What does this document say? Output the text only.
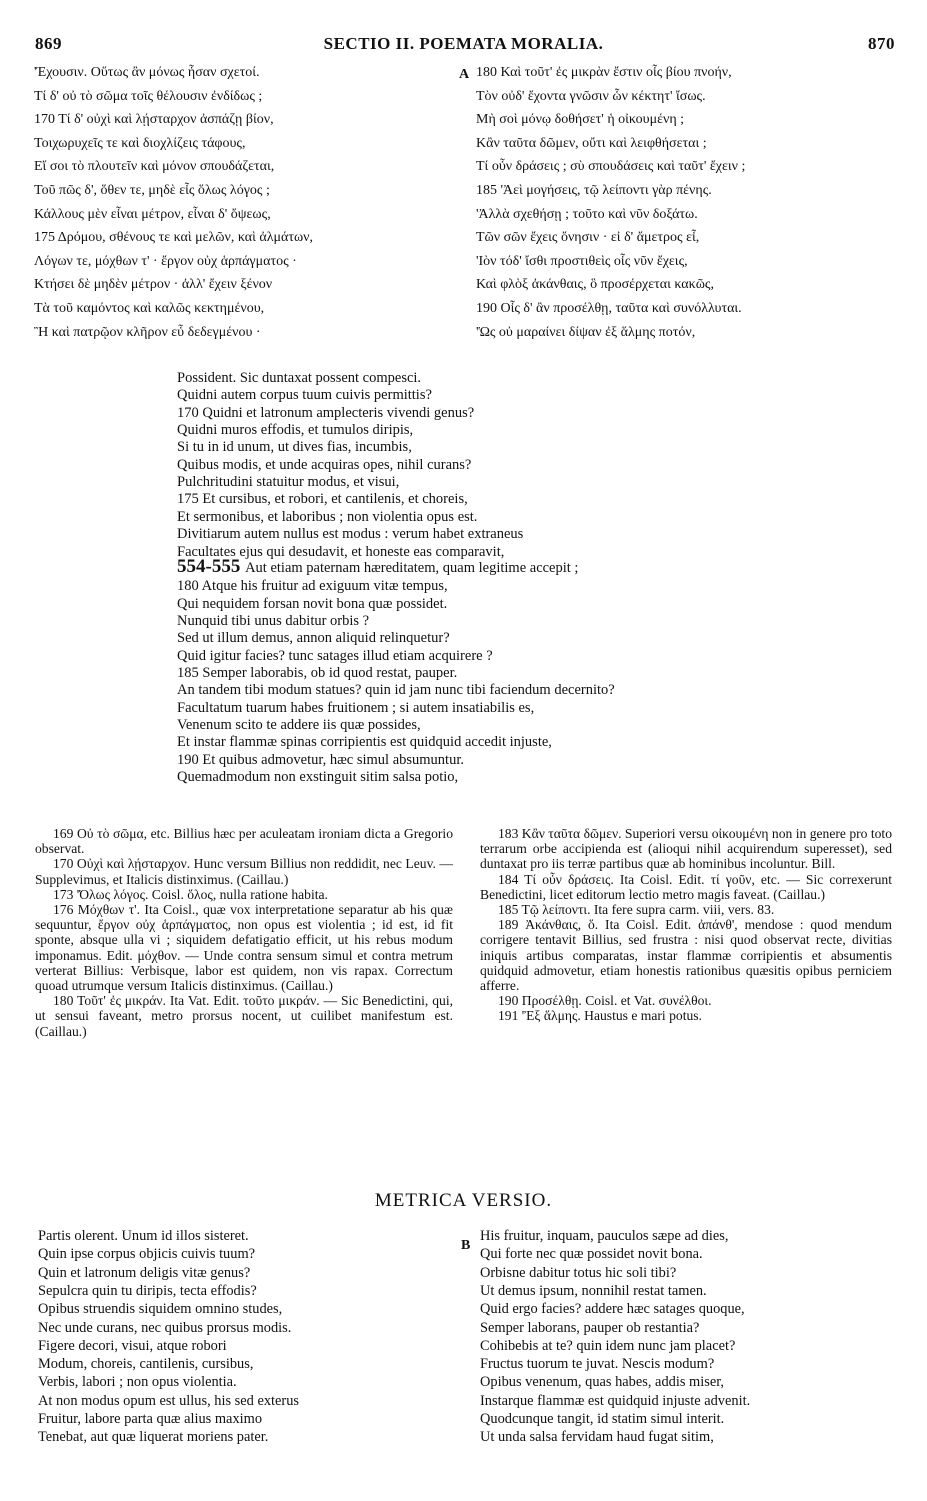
869	SECTIO II. POEMATA MORALIA.	870
'Έχουσιν. Οὕτως ἂν μόνως ἦσαν σχετοί.
Τί δ' οὐ τὸ σῶμα τοῖς θέλουσιν ἐνδίδως ;
170 Τί δ' οὐχὶ καὶ λῄσταρχον ἀσπάζῃ βίον,
Τοιχωρυχεῖς τε καὶ διοχλίζεις τάφους,
Εἴ σοι τὸ πλουτεῖν καὶ μόνον σπουδάζεται,
Τοῦ πῶς δ', ὅθεν τε, μηδὲ εἷς ὅλως λόγος ;
Κάλλους μὲν εἶναι μέτρον, εἶναι δ' ὄψεως,
175 Δρόμου, σθένους τε καὶ μελῶν, καὶ ἀλμάτων,
Λόγων τε, μόχθων τ' · ἔργον οὐχ ἁρπάγματος ·
Κτήσει δὲ μηδὲν μέτρον · ἀλλ' ἔχειν ξένον
Τὰ τοῦ καμόντος καὶ καλῶς κεκτημένου,
Ἢ καὶ πατρῷον κλῆρον εὖ δεδεγμένου ·
A 180 Καὶ τοῦτ' ἐς μικρὰν ἔστιν οἷς βίου πνοήν,
Τὸν οὐδ' ἔχοντα γνῶσιν ὧν κέκτητ' ἴσως.
Μὴ σοὶ μόνῳ δοθήσετ' ἡ οἰκουμένη ;
Κἂν ταῦτα δῶμεν, οὔτι καὶ λειφθήσεται ;
Τί οὖν δράσεις ; σὺ σπουδάσεις καὶ ταῦτ' ἔχειν ;
185 'Ἀεὶ μογήσεις, τῷ λείποντι γὰρ πένης.
'Ἀλλὰ σχεθήσῃ ; τοῦτο καὶ νῦν δοξάτω.
Τῶν σῶν ἔχεις ὄνησιν · εἰ δ' ἄμετρος εἶ,
'Ιὸν τόδ' ἴσθι προστιθεὶς οἷς νῦν ἔχεις,
Καὶ φλὸξ ἀκάνθαις, ὃ προσέρχεται κακῶς,
190 Οἷς δ' ἂν προσέλθῃ, ταῦτα καὶ συνόλλυται.
'Ὡς οὐ μαραίνει δίψαν ἐξ ἅλμης ποτόν,
Possident. Sic duntaxat possent compesci.
Quidni autem corpus tuum cuivis permittis?
170 Quidni et latronum amplecteris vivendi genus?
Quidni muros effodis, et tumulos diripis,
Si tu in id unum, ut dives fias, incumbis,
Quibus modis, et unde acquiras opes, nihil curans?
Pulchritudini statuitur modus, et visui,
175 Et cursibus, et robori, et cantilenis, et choreis,
Et sermonibus, et laboribus ; non violentia opus est.
Divitiarum autem nullus est modus : verum habet extraneus
Facultates ejus qui desudavit, et honeste eas comparavit,
554-555 Aut etiam paternam hæreditatem, quam legitime accepit ;
180 Atque his fruitur ad exiguum vitæ tempus,
Qui nequidem forsan novit bona quæ possidet.
Nunquid tibi unus dabitur orbis ?
Sed ut illum demus, annon aliquid relinquetur?
Quid igitur facies? tunc satages illud etiam acquirere ?
185 Semper laborabis, ob id quod restat, pauper.
An tandem tibi modum statues? quin id jam nunc tibi faciendum decernito?
Facultatum tuarum habes fruitionem ; si autem insatiabilis es,
Venenum scito te addere iis quæ possides,
Et instar flammæ spinas corripientis est quidquid accedit injuste,
190 Et quibus admovetur, hæc simul absumuntur.
Quemadmodum non exstinguit sitim salsa potio,

169 Οὐ τὸ σῶμα, etc. Billius hæc per aculeatam ironiam dicta a Gregorio observat.

170 Οὐχὶ καὶ λῄσταρχον. Hunc versum Billius non reddidit, nec Leuv. — Supplevimus, et Italicis distinximus. (Caillau.)

173 'Όλως λόγος. Coisl. ὅλος, nulla ratione habita.

176 Μόχθων τ'. Ita Coisl., quæ vox interpretatione separatur ab his quæ sequuntur, ἔργον οὐχ ἁρπάγματος, non opus est violentia ; id est, id fit sponte, absque ulla vi ; siquidem defatigatio efficit, ut his rebus modum imponamus. Edit. μόχθον. — Unde contra sensum simul et contra metrum verterat Billius: Verbisque, labor est quidem, non vis rapax. Correctum quoad utrumque versum Italicis distinximus. (Caillau.)

180 Τοῦτ' ἐς μικράν. Ita Vat. Edit. τοῦτο μικράν. — Sic Benedictini, qui, ut sensui faveant, metro prorsus nocent, ut cuilibet manifestum est. (Caillau.)

183 Κἂν ταῦτα δῶμεν. Superiori versu οἰκουμένη non in genere pro toto terrarum orbe accipienda est (alioqui nihil acquirendum superesset), sed duntaxat pro iis terræ partibus quæ ab hominibus incoluntur. Bill.

184 Τί οὖν δράσεις. Ita Coisl. Edit. τί γοῦν, etc. — Sic correxerunt Benedictini, licet editorum lectio metro magis faveat. (Caillau.)

185 Τῷ λείποντι. Ita fere supra carm. viii, vers. 83.

189 Ἀκάνθαις, ὅ. Ita Coisl. Edit. ἀπάνθ', mendose : quod mendum corrigere tentavit Billius, sed frustra : nisi quod observat recte, divitias iniquis artibus comparatas, instar flammæ corripientis et absumentis quidquid admovetur, etiam honestis rationibus quæsitis opibus perniciem afferre.

190 Προσέλθῃ. Coisl. et Vat. συνέλθοι.

191 'Ἐξ ἅλμης. Haustus e mari potus.

METRICA VERSIO.
Partis olerent. Unum id illos sisteret.
Quin ipse corpus objicis cuivis tuum?
Quin et latronum deligis vitæ genus?
Sepulcra quin tu diripis, tecta effodis?
Opibus struendis siquidem omnino studes,
Nec unde curans, nec quibus prorsus modis.
Figere decori, visui, atque robori
Modum, choreis, cantilenis, cursibus,
Verbis, labori ; non opus violentia.
At non modus opum est ullus, his sed exterus
Fruitur, labore parta quæ alius maximo
Tenebat, aut quæ liquerat moriens pater.
B
His fruitur, inquam, pauculos sæpe ad dies,
Qui forte nec quæ possidet novit bona.
Orbisne dabitur totus hic soli tibi?
Ut demus ipsum, nonnihil restat tamen.
Quid ergo facies? addere hæc satages quoque,
Semper laborans, pauper ob restantia?
Cohibebis at te? quin idem nunc jam placet?
Fructus tuorum te juvat. Nescis modum?
Opibus venenum, quas habes, addis miser,
Instarque flammæ est quidquid injuste advenit.
Quodcunque tangit, id statim simul interit.
Ut unda salsa fervidam haud fugat sitim,
